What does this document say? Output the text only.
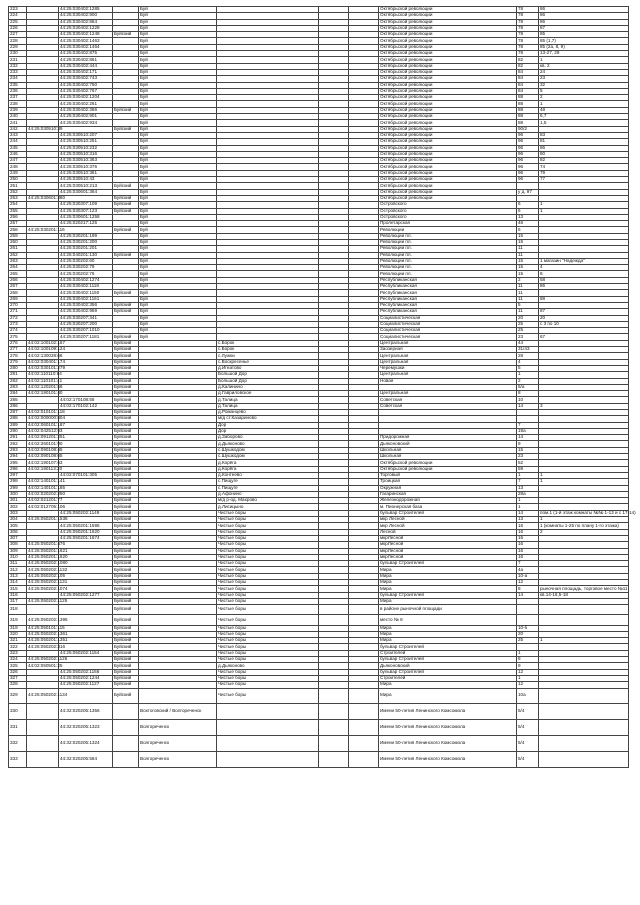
223		44:25:030402:1285		Буй				Октябрьской революции	78	86
224		44:25:030402:900		Буй				Октябрьской революции	78	86
225		44:25:030402:864		Буй				Октябрьской революции	78	86
226		44:25:030402:1228		Буй				Октябрьской революции	78	87
227		44:25:030402:1248	Буйский	Буй				Октябрьской революции	78	85
228		44:25:030402:1463		Буй				Октябрьской революции	78	85 (1,7)
229		44:25:030402:1464		Буй				Октябрьской революции	78	85 (2а, 8, 9)
230		44:25:030402:875		Буй				Октябрьской революции	78	13-27, 29
231		44:25:030402:861		Буй				Октябрьской революции	82	1
232		44:25:030402:444		Буй				Октябрьской революции	82	кв. 2
233		44:25:030402:171		Буй				Октябрьской революции	84	24
234		44:25:030402:743		Буй				Октябрьской революции	84	23
235		44:25:030402:750		Буй				Октябрьской революции	84	32
236		44:25:030402:767		Буй				Октябрьской революции	84	5
237		44:25:030402:1204		Буй				Октябрьской революции	88	2
238		44:25:030402:261		Буй				Октябрьской революции	88	1
239		44:25:030402:366	Буйский	Буй				Октябрьской революции	88	48
240		44:25:030402:901		Буй				Октябрьской революции	88	6,7
241		44:25:030402:934		Буй				Октябрьской революции	88	1,5
242	44:25:030510:39		Буйский	Буй				Октябрьской революции	90/2	
243		44:25:030510:207		Буй				Октябрьской революции	96	83
244		44:25:030510:251		Буй				Октябрьской революции	96	81
245		44:25:030510:232		Буй				Октябрьской революции	96	86
246		44:25:030510:316		Буй				Октябрьской революции	96	80
247		44:25:030510:363		Буй				Октябрьской революции	96	82
248		44:25:030510:376		Буй				Октябрьской революции	96	74
249		44:25:030510:381		Буй				Октябрьской революции	96	79
250		44:25:030510:43		Буй				Октябрьской революции	96	77
251		44:25:030510:213	Буйский	Буй				Октябрьской революции		
252		44:25:030601:364		Буй				Октябрьской революции	у д. 97	
253	44:25:030601:380		Буйский	Буй				Октябрьской революции		
254		44:25:030307:109	Буйский	Буй				Островского	6	1
255		44:25:030307:123	Буйский	Буй				Островского	6	1
256		44:25:030601:1258		Буй				Островского	13	
257		44:25:020217:125		Буй				Пролетарская	46	
258	44:25:030201:116		Буйский	Буй				Революции	5	
259		44:25:030201:199		Буй				Революции пл.	15	
260		44:25:030201:200		Буй				Революции пл.	15	
261		44:25:030201:201		Буй				Революции пл.	11	
262		44:25:040201:130	Буйский	Буй				Революции пл.	11	
263		44:25:030202:60		Буй				Революции пл.	15	1 магазин "Надежда"
264		44:25:030202:79		Буй				Революции пл.	15	4
265		44:25:030202:76		Буй				Революции пл.	15	8
266		44:25:030402:1274		Буй				Республиканская	2	58
267		44:25:030402:1118		Буй				Республиканская	11	86
268		44:25:030402:1150	Буйский	Буй				Республиканская	11	
269		44:25:030402:1161		Буй				Республиканская	11	88
270		44:25:030402:356	Буйский	Буй				Республиканская	5	
271		44:25:030402:959	Буйский	Буй				Республиканская	11	87
272		44:25:030207:341		Буй				Социалистическая	20	20
273		44:25:030207:200		Буй				Социалистическая	25	с 3 по 10
274		44:25:030207:1010		Буй				Социалистическая	25	
275		44:25:030207:1181	Буйский	Буй				Социалистическая	23	67
276	44:02:100102:167		Буйский		с.Борок			Центральная	44	
277	44:02:100109:124		Буйский		с.Борок			Заозерная	31/43	
278	44:02:130028:66		Буйский		с.Лужки			Центральная	28	
279	44:02:030401:174		Буйский		с.Воскресенье			Центральная	4	
280	44:02:030101:279		Буйский		д.Игнатово			Черемушки	5	
281	44:02:110110:64		Буйский		Большой Дор			Центральная	1	
282	44:02:110101:41		Буйский		Большой Дор			Новая	2	
283	44:02:120201:56		Буйский		д.Калинино				5/а	
284	44:02:190101:40		Буйский		д.Гавриловское			Центральная	8	
285		44:02:170108:55	Буйский		д.Талица			Советская	10	
286		44:02:170102:142	Буйский		д.Талица			Советская	14	3
287	44:02:010101:118		Буйский		д.Романцево					
288	44:02:000000:804		Буйский		м/д ст.Казариново					
289	44:02:060101:187		Буйский		Дор				7	
290	44:02:042512:93		Буйский		Дор				19а	
291	44:02:091201:251		Буйский		д.Заборово			Придорожная	14	
292	44:02:260101:90		Буйский		д.Дьяконово			Дьяконовский	9	
293	44:02:090108:45		Буйский		с.Шушкодом			Школьная	15	
294	44:02:090108:65		Буйский		с.Шушкодом			Школьная	23	
295	44:02:190107:63		Буйский		д.Корёга			Октябрьской революции	52	
296	44:02:190113:20		Буйский		д.Корёга			Октябрьской революции	59	
297		44:02:070101:305	Буйский		д.Контеево			Торговый	1	1
298	44:02:140101:141		Буйский		с.Пищуге			Троицкая	7	1
299	44:02:140101:185		Буйский		с.Пищуге			Окружная	13	
300	44:02:020202:250		Буйский		д.Афонино			Гагаринская	28а	
301	44:02:021201:77		Буйский		м/д р-од. Махрово			Железнодорожная	1	
302	44:02:012705:106		Буйский		д.Лисицыно			м. Пионерская база	1	
303		44:25:050202:1149	Буйский		Чистые боры			бульвар Строителей	14	пом.1 (1-й этаж комнаты №№ 1-13 и с 17-14)
304	44:25:050201:1538		Буйский		Чистые боры			мкр Лесной	13	1
305		44:25:050201:1595	Буйский		Чистые боры			мкр Лесной	16	1 (комнаты 1-25 по плану 1-го этажа)
306		44:25:050201:1620	Буйский		Чистые боры			Лесной	16	2
307		44:25:050201:1674	Буйский		Чистые боры			мкрЛесной	16	
308	44:25:050201:476		Буйский		Чистые боры			мкрЛесной	16	
309	44:25:050201:1621		Буйский		Чистые боры			мкрЛесной	16	
310	44:25:050201:1620		Буйский		Чистые боры			мкрЛесной	16	
311	44:25:050202:1080		Буйский		Чистые боры			бульвар Строителей	7	
312	44:25:050202:1132		Буйский		Чистые боры			Мира	4а	
313	44:25:050202:105		Буйский		Чистые боры			Мира	10-а	
314	44:25:050202:1131		Буйский		Чистые боры			Мира	12	
315	44:25:050202:1074		Буйский		Чистые боры			Мира	8	рыночная площадь, торговое место №11
316		44:25:050202:1277	Буйский		Чистые боры			бульвар Строителей	14	кв.14-16,5-18
317	44:25:050202:1125		Буйский		Чистые боры			Мира		
318			Буйский		Чистые боры			в районе рыночной площади		
319	44:25:050202:1395		Буйский		Чистые боры			место № 8		
319	44:25:050101:115		Буйский		Чистые боры			Мира	10-б	
320	44:25:050202:1361		Буйский		Чистые боры			Мира	20	
321	44:25:050201:1351		Буйский		Чистые боры			Мира	25	1
322	44:25:050202:316		Буйский		Чистые боры			бульвар Строителей		
323		44:25:050202:1154	Буйский		Чистые боры			Строителей	1	
324	44:25:050202:1126		Буйский		Чистые боры			бульвар Строителей	8	
325	44:02:050501:25		Буйский		д.Дьяконово			Дьяконовский	9	
326		44:25:050202:1166	Буйский		Чистые боры			бульвар Строителей	12	
327		44:25:050202:1244	Буйский		Чистые боры			Строителей	1	
328		44:25:050202:1127	Буйский		Чистые боры			Мира	12	
329	44:25:050202:1134		Буйский		Чистые боры			Мира	10а	
330		44:32:020205:1356		Вохтоговский / Волгореченск				Имени 50-летия Ленинского Комсомола	5/4	
331		44:32:020205:1323		Волгореченск				Имени 50-летия Ленинского Комсомола	5/4	
332		44:32:020205:1324		Волгореченск				Имени 50-летия Ленинского Комсомола	5/4	
333		44:32:020205:584		Волгореченск				Имени 50-летия Ленинского Комсомола	5/4	
